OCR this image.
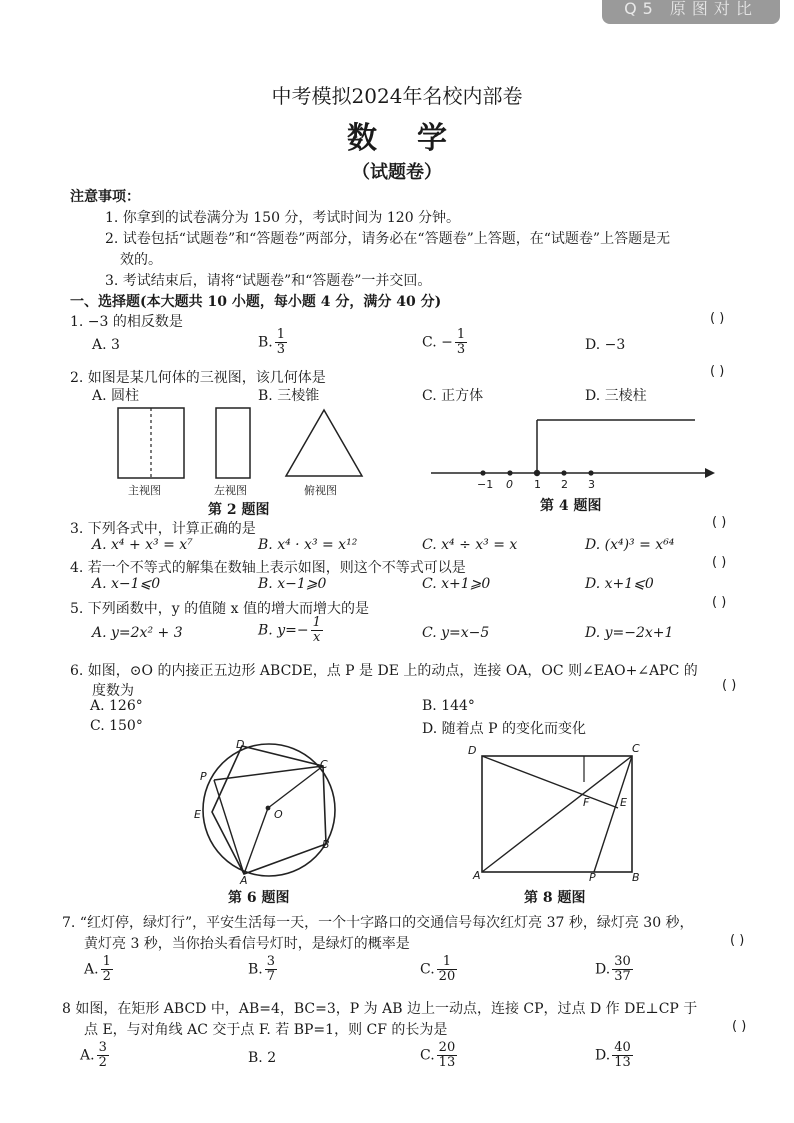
Q5 原图对比
中考模拟2024年名校内部卷
数学
（试题卷）
注意事项：
1. 你拿到的试卷满分为 150 分，考试时间为 120 分钟。
2. 试卷包括“试题卷”和“答题卷”两部分，请务必在“答题卷”上答题，在“试题卷”上答题是无
效的。
3. 考试结束后，请将“试题卷”和“答题卷”一并交回。
一、选择题(本大题共 10 小题，每小题 4 分，满分 40 分)
1. −3 的相反数是	( )
A. 3	B. $\frac{1}{3}$	C. − $\frac{1}{3}$	D. −3
2. 如图是某几何体的三视图，该几何体是	( )
A. 圆柱	B. 三棱锥	C. 正方体	D. 三棱柱
主视图	左视图	俯视图
第 2 题图
−1 0 1 2 3
第 4 题图
3. 下列各式中，计算正确的是	( )
A. x⁴ + x³ = x⁷	B. x⁴ · x³ = x¹²	C. x⁴ ÷ x³ = x	D. (x⁴)³ = x⁶⁴
4. 若一个不等式的解集在数轴上表示如图，则这个不等式可以是	( )
A. x−1⩽0	B. x−1⩾0	C. x+1⩾0	D. x+1⩽0
5. 下列函数中，y 的值随 x 值的增大而增大的是	( )
A. y=2x² + 3	B. $y=- \frac{1}{x}$	C. y=x−5	D. y=−2x+1
6. 如图，⊙O 的内接正五边形 ABCDE，点 P 是 DE 上的动点，连接 OA，OC 则∠EAO+∠APC 的
度数为	( )
A. 126°	B. 144°
C. 150°	D. 随着点 P 的变化而变化
D
C
P
E	O
B
A
第 6 题图
D	C
F	E
A	P	B
第 8 题图
7. “红灯停，绿灯行”，平安生活每一天，一个十字路口的交通信号每次红灯亮 37 秒，绿灯亮 30 秒，
黄灯亮 3 秒，当你抬头看信号灯时，是绿灯的概率是	( )
A. $\frac{1}{2}$	B. $\frac{3}{7}$	C. $\frac{1}{20}$	D. $\frac{30}{37}$
8 如图，在矩形 ABCD 中，AB=4，BC=3，P 为 AB 边上一动点，连接 CP，过点 D 作 DE⊥CP 于
点 E，与对角线 AC 交于点 F. 若 BP=1，则 CF 的长为是	( )
A. $\frac{3}{2}$	B. 2	C. $\frac{20}{13}$	D. $\frac{40}{13}$
